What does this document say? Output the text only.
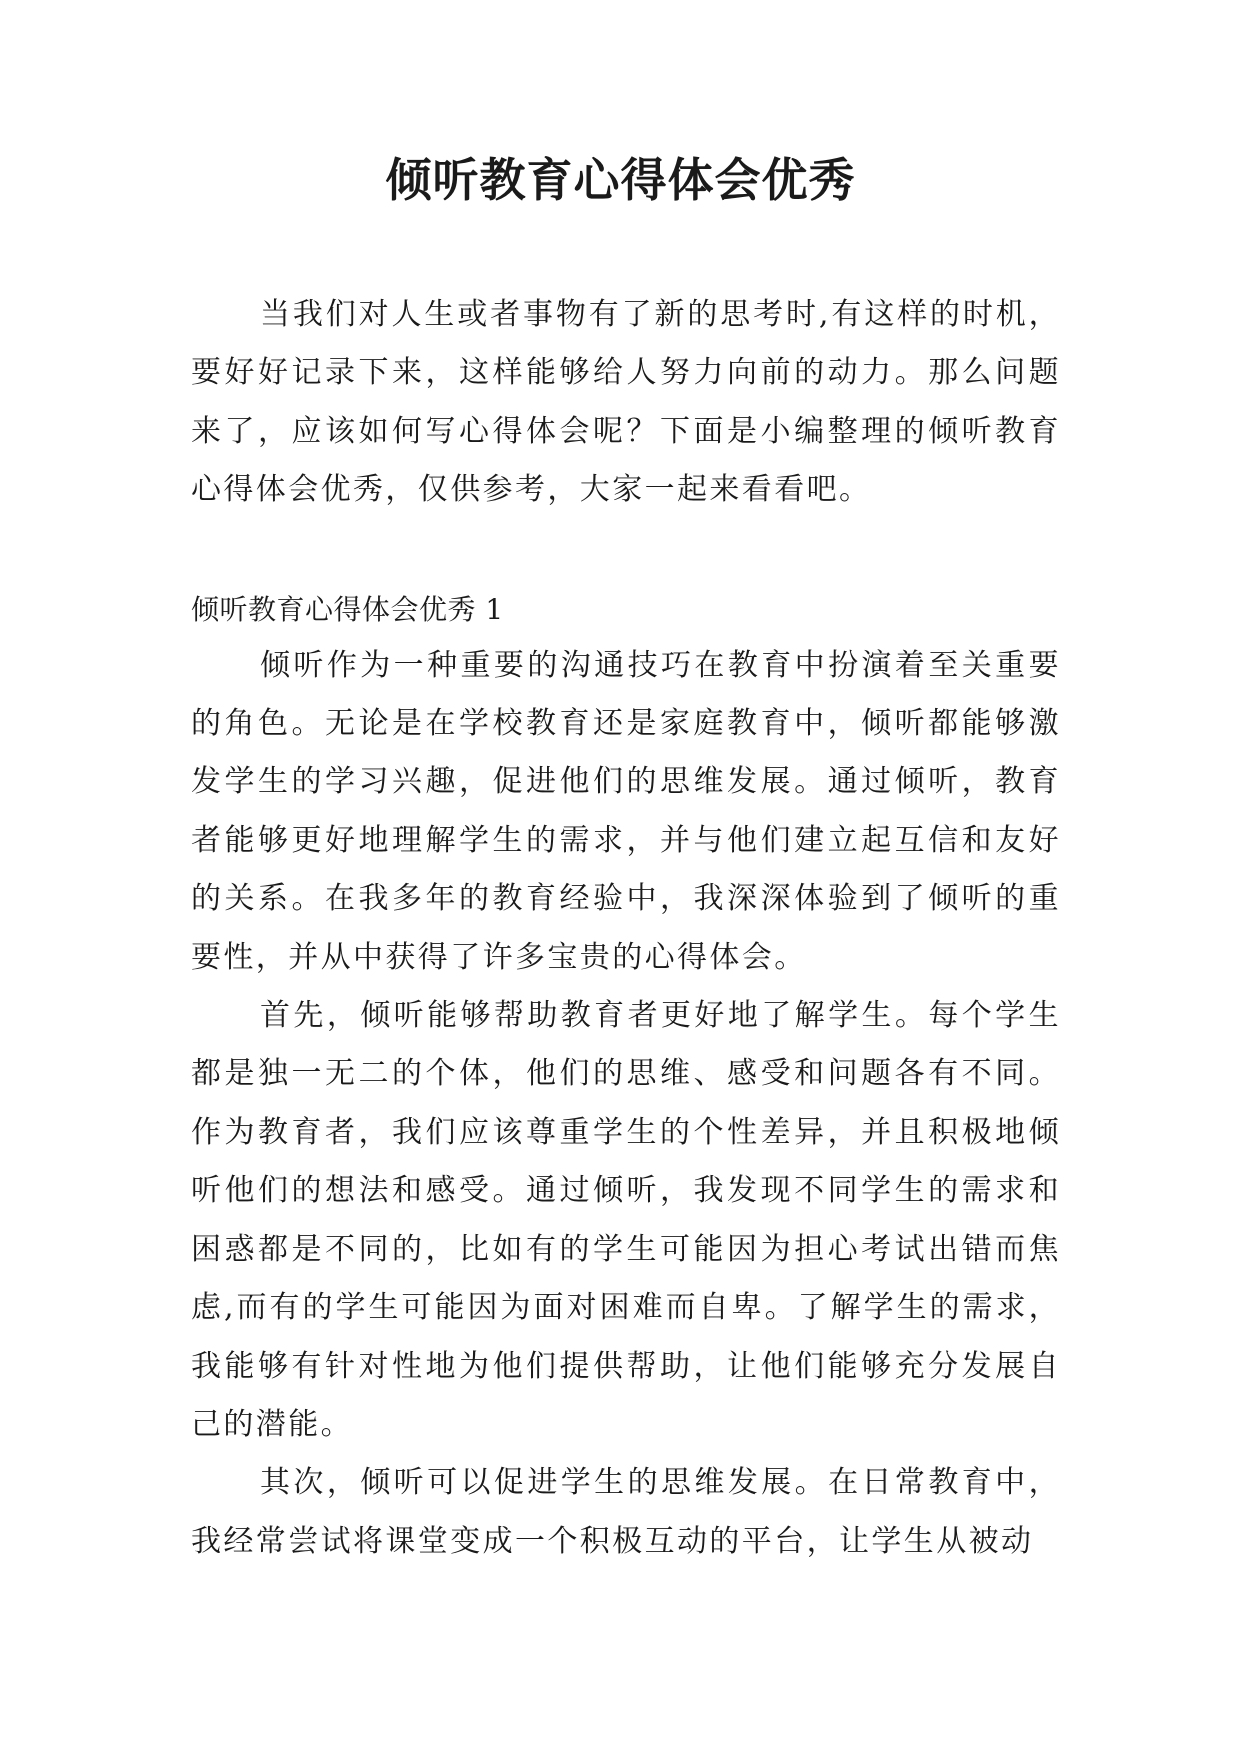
倾听教育心得体会优秀

当我们对人生或者事物有了新的思考时,有这样的时机，要好好记录下来，这样能够给人努力向前的动力。那么问题来了，应该如何写心得体会呢？下面是小编整理的倾听教育心得体会优秀，仅供参考，大家一起来看看吧。

倾听教育心得体会优秀 1

倾听作为一种重要的沟通技巧在教育中扮演着至关重要的角色。无论是在学校教育还是家庭教育中，倾听都能够激发学生的学习兴趣，促进他们的思维发展。通过倾听，教育者能够更好地理解学生的需求，并与他们建立起互信和友好的关系。在我多年的教育经验中，我深深体验到了倾听的重要性，并从中获得了许多宝贵的心得体会。

首先，倾听能够帮助教育者更好地了解学生。每个学生都是独一无二的个体，他们的思维、感受和问题各有不同。作为教育者，我们应该尊重学生的个性差异，并且积极地倾听他们的想法和感受。通过倾听，我发现不同学生的需求和困惑都是不同的，比如有的学生可能因为担心考试出错而焦虑,而有的学生可能因为面对困难而自卑。了解学生的需求，我能够有针对性地为他们提供帮助，让他们能够充分发展自己的潜能。

其次，倾听可以促进学生的思维发展。在日常教育中，我经常尝试将课堂变成一个积极互动的平台，让学生从被动
